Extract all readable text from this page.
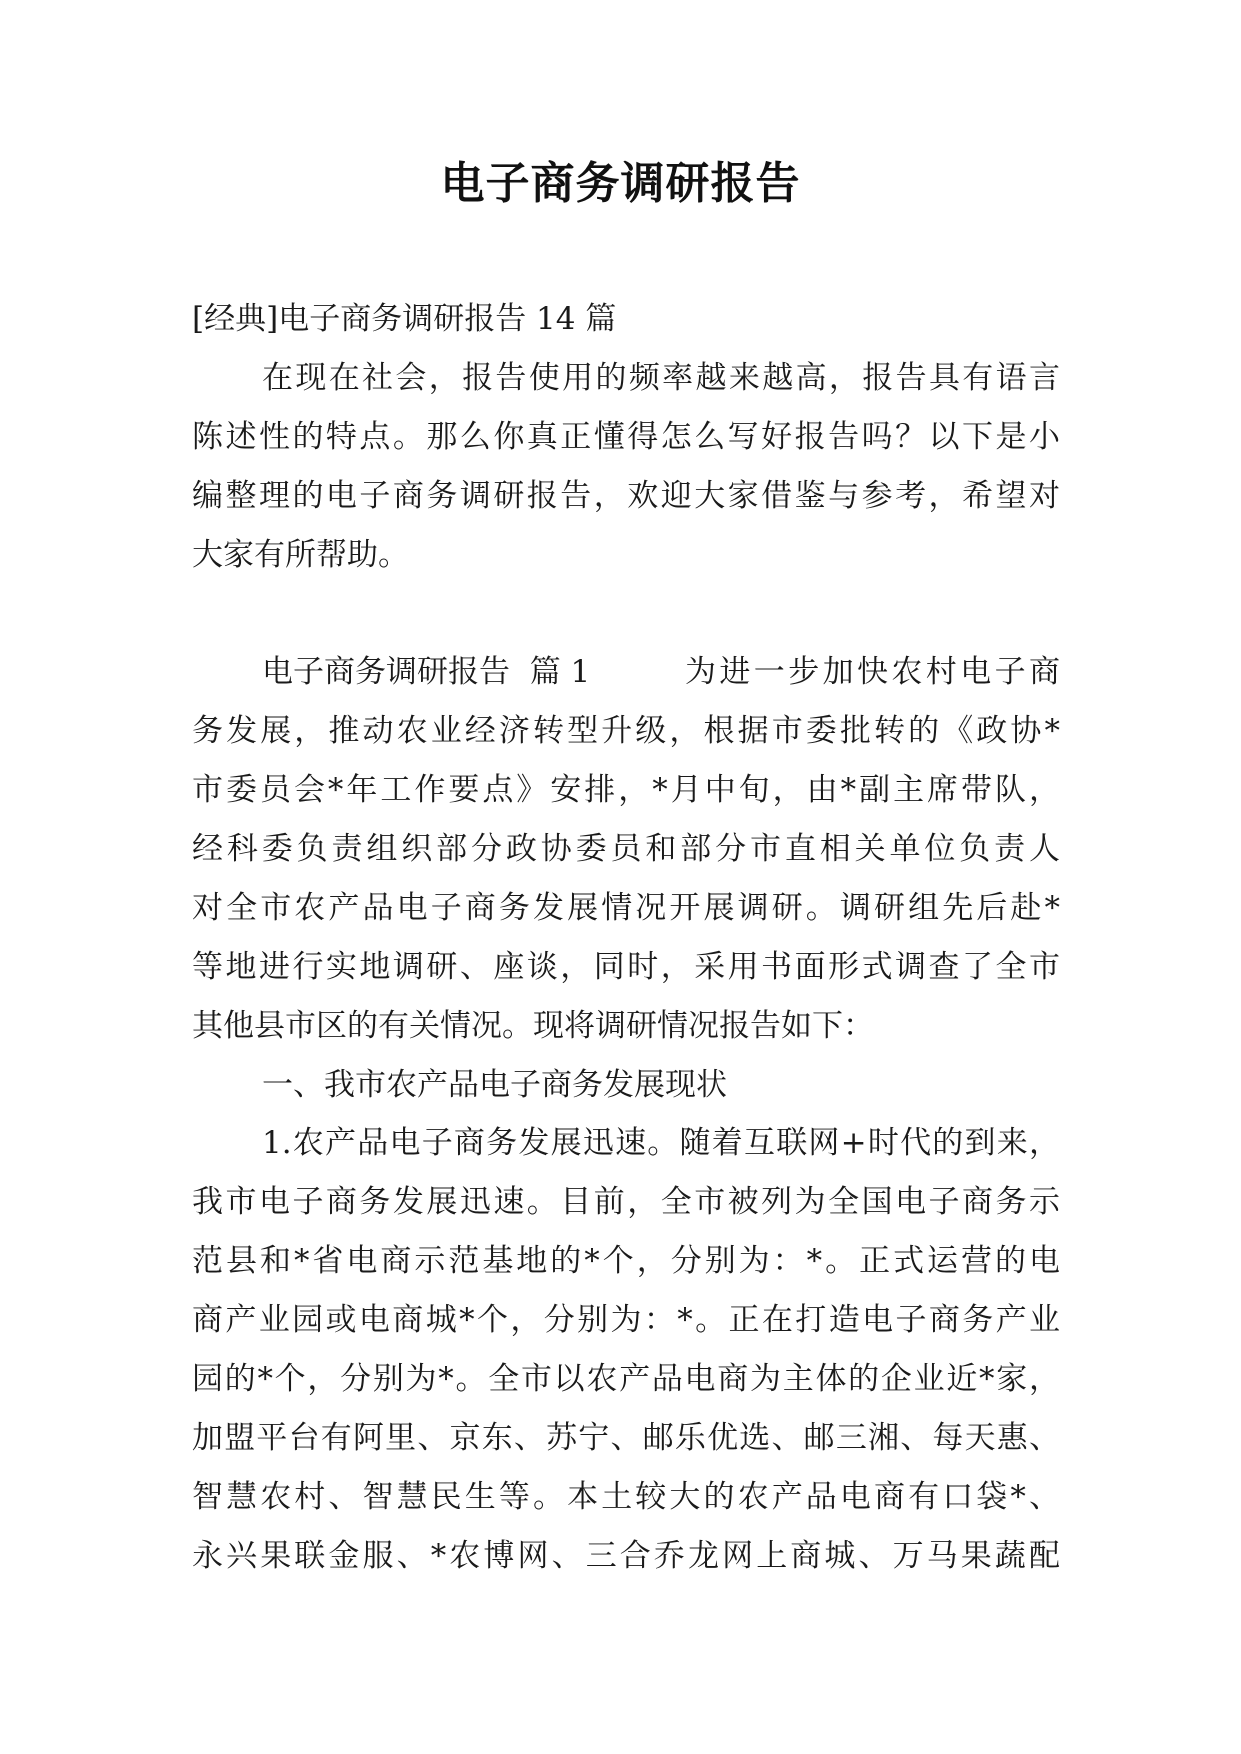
电子商务调研报告
[经典]电子商务调研报告 14 篇
在现在社会，报告使用的频率越来越高，报告具有语言
陈述性的特点。那么你真正懂得怎么写好报告吗？以下是小
编整理的电子商务调研报告，欢迎大家借鉴与参考，希望对
大家有所帮助。
电子商务调研报告  篇 1	为进一步加快农村电子商
务发展，推动农业经济转型升级，根据市委批转的《政协*
市委员会*年工作要点》安排，*月中旬，由*副主席带队，
经科委负责组织部分政协委员和部分市直相关单位负责人
对全市农产品电子商务发展情况开展调研。调研组先后赴*
等地进行实地调研、座谈，同时，采用书面形式调查了全市
其他县市区的有关情况。现将调研情况报告如下：
一、我市农产品电子商务发展现状
1.农产品电子商务发展迅速。随着互联网+时代的到来，
我市电子商务发展迅速。目前，全市被列为全国电子商务示
范县和*省电商示范基地的*个，分别为：*。正式运营的电
商产业园或电商城*个，分别为：*。正在打造电子商务产业
园的*个，分别为*。全市以农产品电商为主体的企业近*家，
加盟平台有阿里、京东、苏宁、邮乐优选、邮三湘、每天惠、
智慧农村、智慧民生等。本土较大的农产品电商有口袋*、
永兴果联金服、*农博网、三合乔龙网上商城、万马果蔬配
